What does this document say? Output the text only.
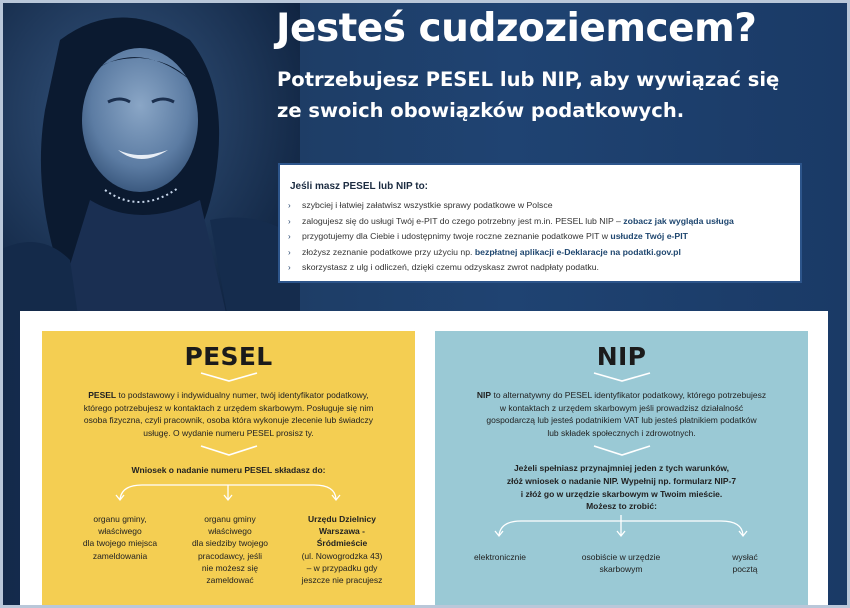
Jesteś cudzoziemcem?

Potrzebujesz PESEL lub NIP, aby wywiązać się
ze swoich obowiązków podatkowych.

Jeśli masz PESEL lub NIP to:
› szybciej i łatwiej załatwisz wszystkie sprawy podatkowe w Polsce
› zalogujesz się do usługi Twój e-PIT do czego potrzebny jest m.in. PESEL lub NIP – zobacz jak wygląda usługa
› przygotujemy dla Ciebie i udostępnimy twoje roczne zeznanie podatkowe PIT w usłudze Twój e-PIT
› złożysz zeznanie podatkowe przy użyciu np. bezpłatnej aplikacji e-Deklaracje na podatki.gov.pl
› skorzystasz z ulg i odliczeń, dzięki czemu odzyskasz zwrot nadpłaty podatku.
PESEL
PESEL to podstawowy i indywidualny numer, twój identyfikator podatkowy,
którego potrzebujesz w kontaktach z urzędem skarbowym. Posługuje się nim
osoba fizyczna, czyli pracownik, osoba która wykonuje zlecenie lub świadczy
usługę. O wydanie numeru PESEL prosisz ty.
Wniosek o nadanie numeru PESEL składasz do:
organu gminy,
właściwego
dla twojego miejsca
zameldowania
organu gminy
właściwego
dla siedziby twojego
pracodawcy, jeśli
nie możesz się
zameldować
Urzędu Dzielnicy
Warszawa -
Śródmieście
(ul. Nowogrodzka 43)
– w przypadku gdy
jeszcze nie pracujesz
NIP
NIP to alternatywny do PESEL identyfikator podatkowy, którego potrzebujesz
w kontaktach z urzędem skarbowym jeśli prowadzisz działalność
gospodarczą lub jesteś podatnikiem VAT lub jesteś płatnikiem podatków
lub składek społecznych i zdrowotnych.
Jeżeli spełniasz przynajmniej jeden z tych warunków,
złóż wniosek o nadanie NIP. Wypełnij np. formularz NIP-7
i złóż go w urzędzie skarbowym w Twoim mieście.
Możesz to zrobić:
elektronicznie	osobiście w urzędzie
skarbowym
wysłać
pocztą
